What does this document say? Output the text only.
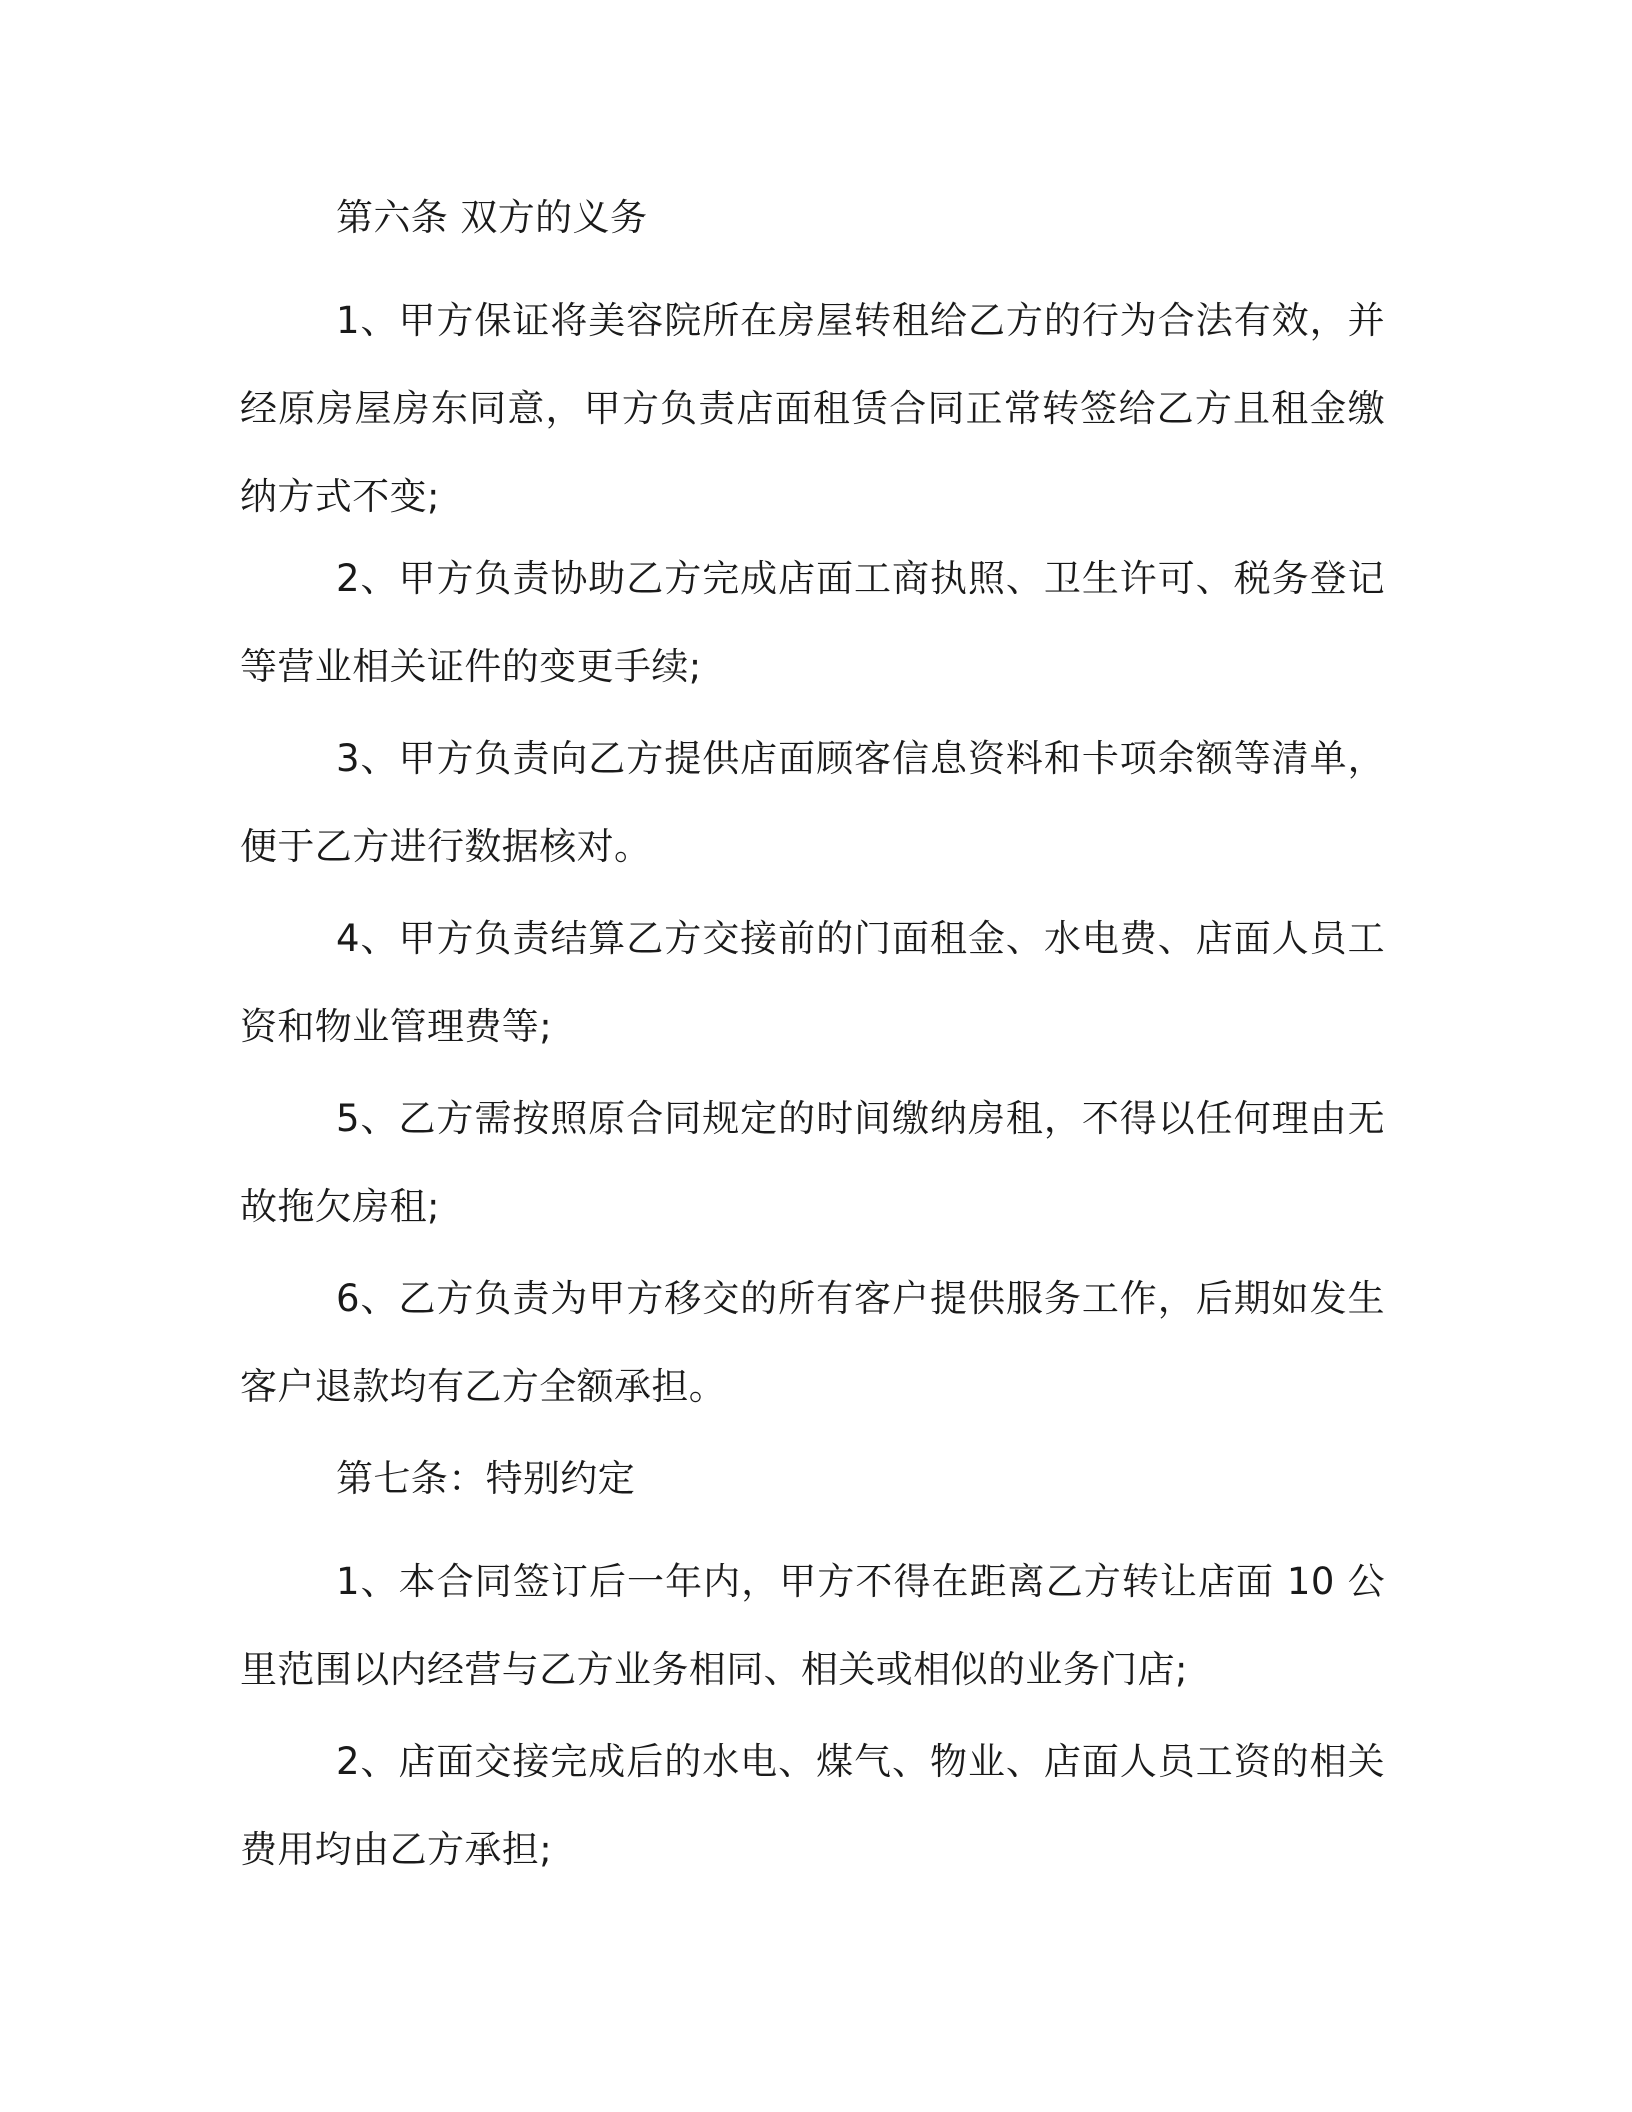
第六条 双方的义务

1、甲方保证将美容院所在房屋转租给乙方的行为合法有效，并经原房屋房东同意，甲方负责店面租赁合同正常转签给乙方且租金缴纳方式不变;

2、甲方负责协助乙方完成店面工商执照、卫生许可、税务登记等营业相关证件的变更手续;

3、甲方负责向乙方提供店面顾客信息资料和卡项余额等清单，便于乙方进行数据核对。

4、甲方负责结算乙方交接前的门面租金、水电费、店面人员工资和物业管理费等;

5、乙方需按照原合同规定的时间缴纳房租，不得以任何理由无故拖欠房租;

6、乙方负责为甲方移交的所有客户提供服务工作，后期如发生客户退款均有乙方全额承担。

第七条：特别约定

1、本合同签订后一年内，甲方不得在距离乙方转让店面 10 公里范围以内经营与乙方业务相同、相关或相似的业务门店;

2、店面交接完成后的水电、煤气、物业、店面人员工资的相关费用均由乙方承担;
